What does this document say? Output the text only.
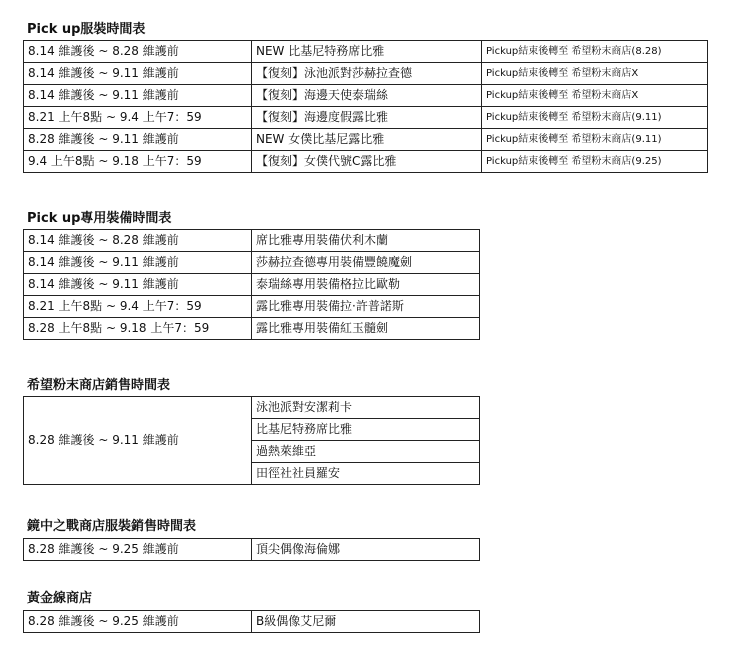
Pick up服裝時間表
8.14 維護後 ~ 8.28 維護前	NEW 比基尼特務席比雅	Pickup結束後轉至 希望粉末商店(8.28)
8.14 維護後 ~ 9.11 維護前	【復刻】泳池派對莎赫拉查德	Pickup結束後轉至 希望粉末商店X
8.14 維護後 ~ 9.11 維護前	【復刻】海邊天使泰瑞絲	Pickup結束後轉至 希望粉末商店X
8.21 上午8點 ~ 9.4 上午7：59	【復刻】海邊度假露比雅	Pickup結束後轉至 希望粉末商店(9.11)
8.28 維護後 ~ 9.11 維護前	NEW 女僕比基尼露比雅	Pickup結束後轉至 希望粉末商店(9.11)
9.4 上午8點 ~ 9.18 上午7：59	【復刻】女僕代號C露比雅	Pickup結束後轉至 希望粉末商店(9.25)
Pick up專用裝備時間表
8.14 維護後 ~ 8.28 維護前	席比雅專用裝備伏利木蘭
8.14 維護後 ~ 9.11 維護前	莎赫拉查德專用裝備豐饒魔劍
8.14 維護後 ~ 9.11 維護前	泰瑞絲專用裝備格拉比歐勒
8.21 上午8點 ~ 9.4 上午7：59	露比雅專用裝備拉·許普諾斯
8.28 上午8點 ~ 9.18 上午7：59	露比雅專用裝備紅玉髓劍
希望粉末商店銷售時間表
8.28 維護後 ~ 9.11 維護前	泳池派對安潔莉卡
比基尼特務席比雅
過熱萊維亞
田徑社社員羅安
鏡中之戰商店服裝銷售時間表
8.28 維護後 ~ 9.25 維護前	頂尖偶像海倫娜
黃金線商店
8.28 維護後 ~ 9.25 維護前	B級偶像艾尼爾
